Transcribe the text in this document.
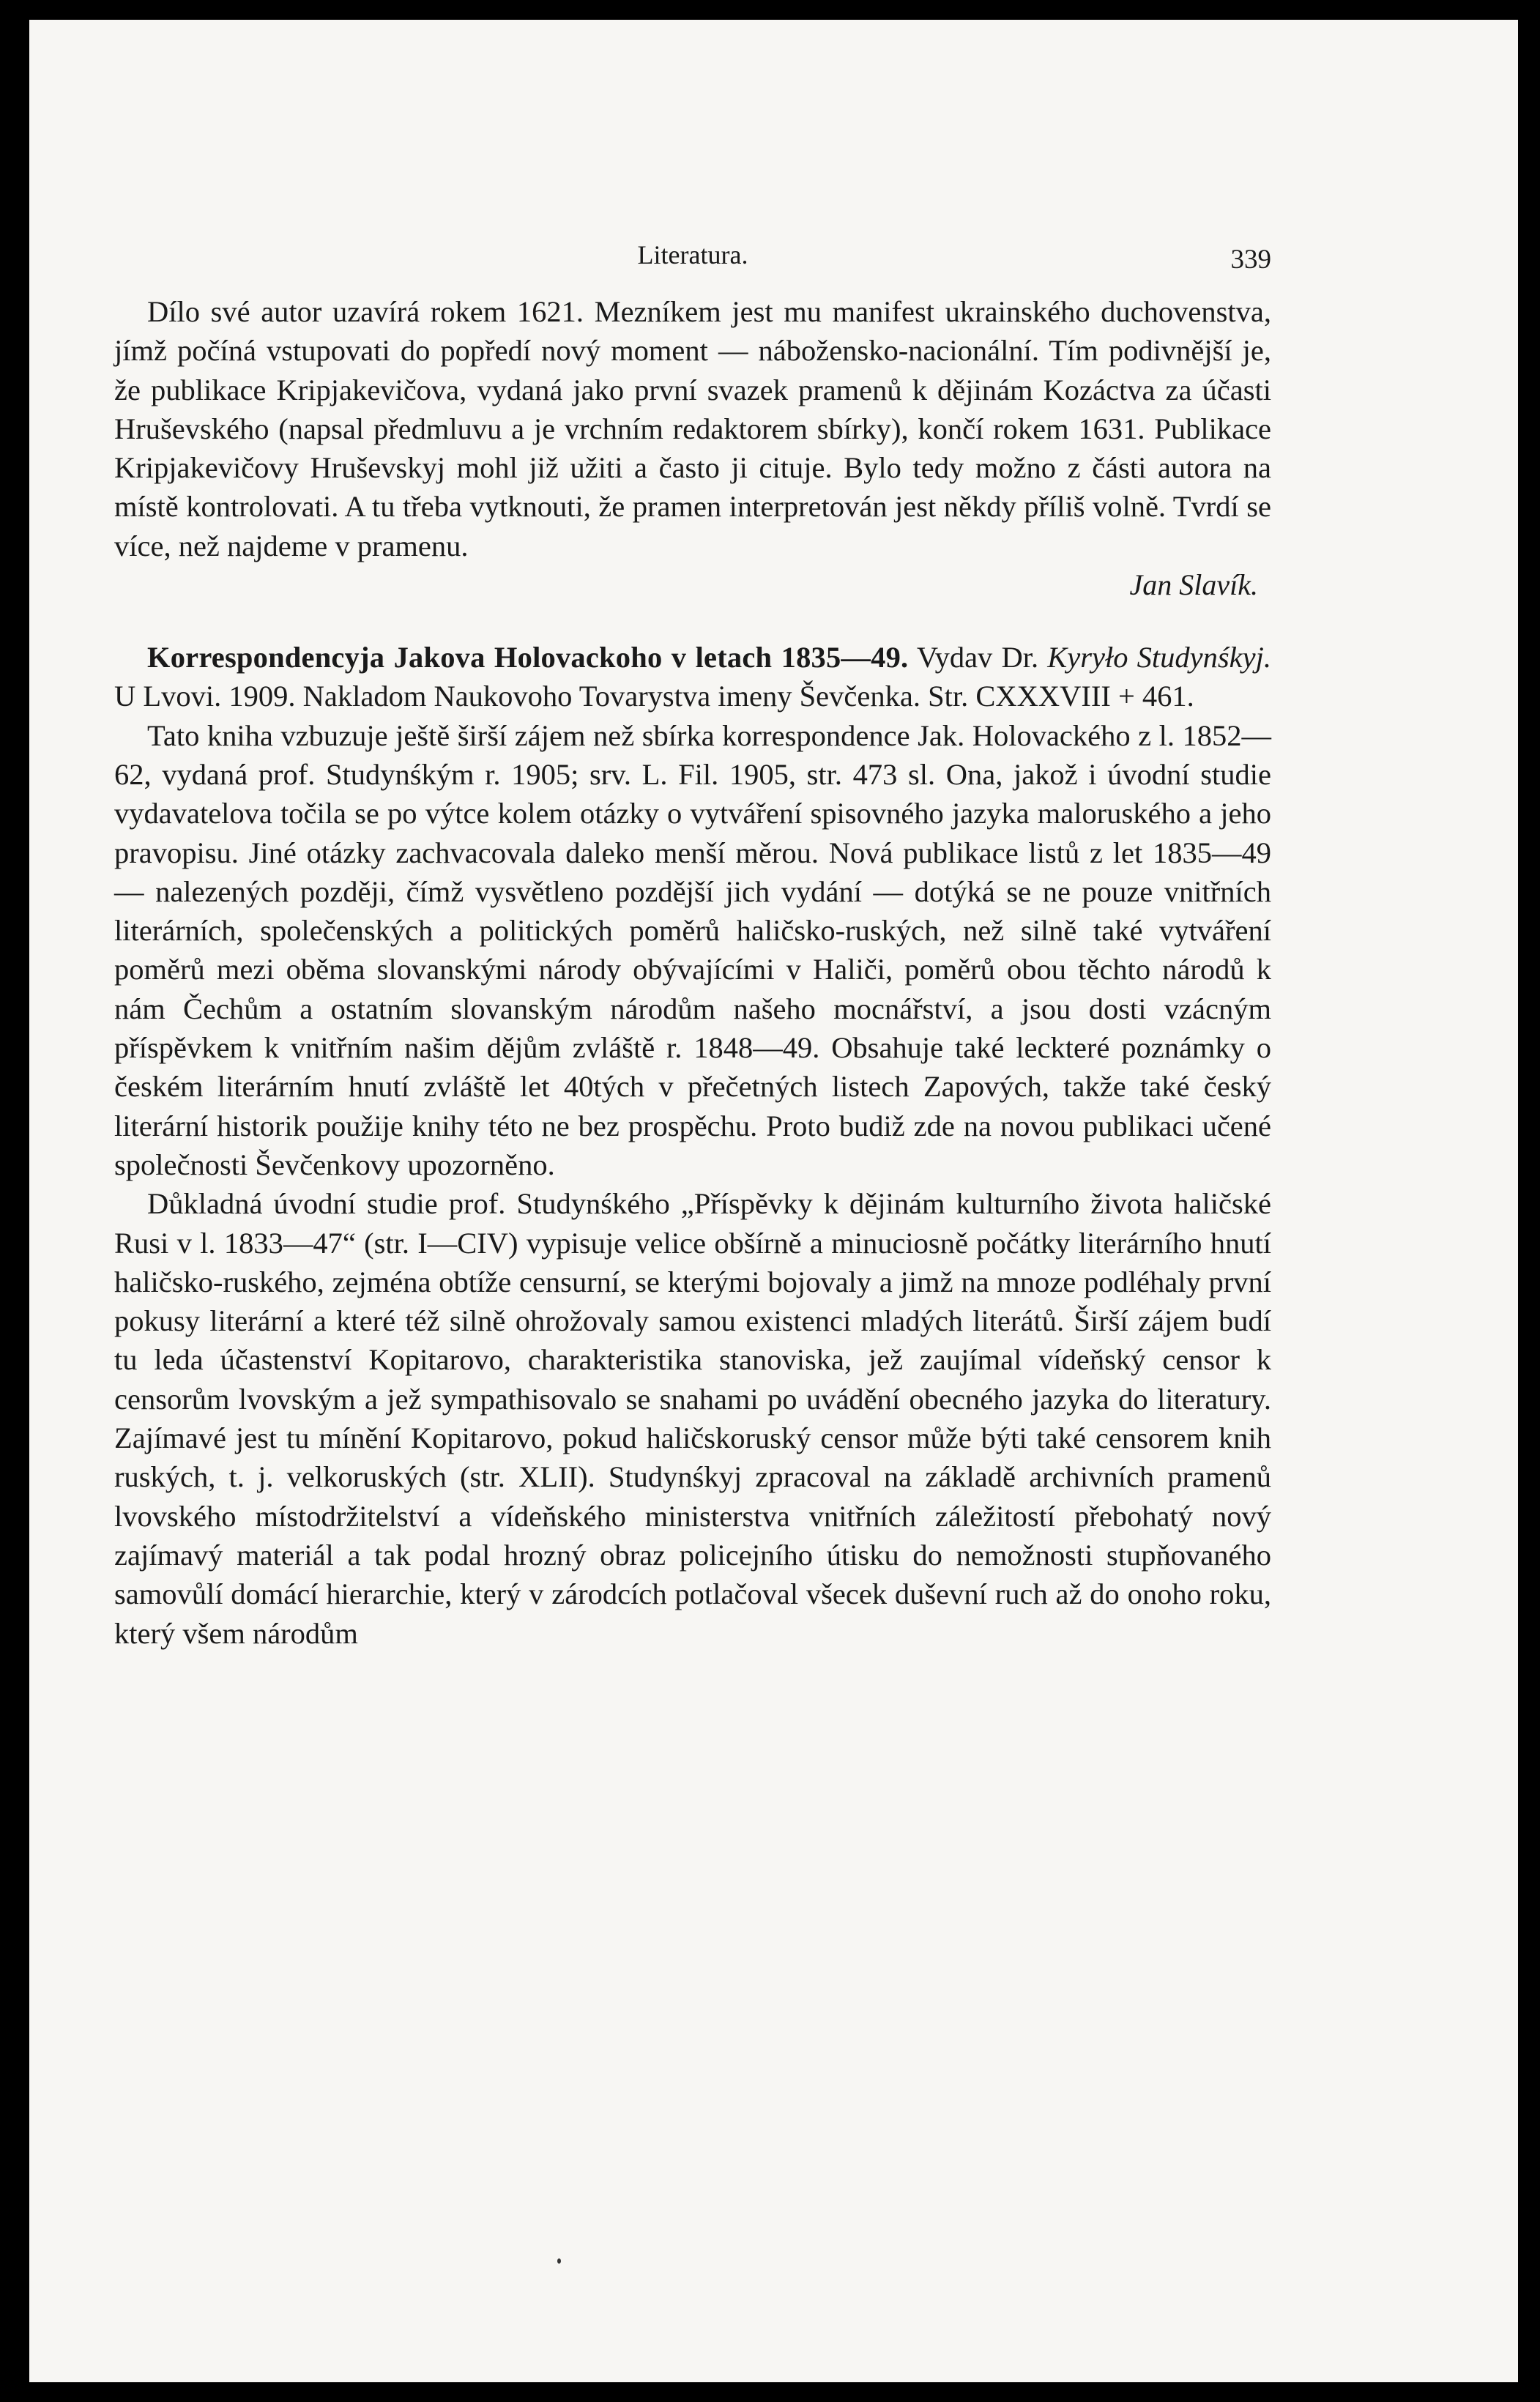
Literatura.	339

Dílo své autor uzavírá rokem 1621. Mezníkem jest mu manifest ukrainského duchovenstva, jímž počíná vstupovati do popředí nový moment — nábožensko-nacionální. Tím podivnější je, že publikace Kripjakevičova, vydaná jako první svazek pramenů k dějinám Kozáctva za účasti Hruševského (napsal předmluvu a je vrchním redaktorem sbírky), končí rokem 1631. Publikace Kripjakevičovy Hruševskyj mohl již užiti a často ji cituje. Bylo tedy možno z části autora na místě kontrolovati. A tu třeba vytknouti, že pramen interpretován jest někdy příliš volně. Tvrdí se více, než najdeme v pramenu.

Jan Slavík.

Korrespondencyja Jakova Holovackoho v letach 1835—49. Vydav Dr. Kyryło Studynśkyj. U Lvovi. 1909. Nakladom Naukovoho Tovarystva imeny Ševčenka. Str. CXXXVIII + 461.

Tato kniha vzbuzuje ještě širší zájem než sbírka korrespondence Jak. Holovackého z l. 1852—62, vydaná prof. Studynśkým r. 1905; srv. L. Fil. 1905, str. 473 sl. Ona, jakož i úvodní studie vydavatelova točila se po výtce kolem otázky o vytváření spisovného jazyka maloruského a jeho pravopisu. Jiné otázky zachvacovala daleko menší měrou. Nová publikace listů z let 1835—49 — nalezených později, čímž vysvětleno pozdější jich vydání — dotýká se ne pouze vnitřních literárních, společenských a politických poměrů haličsko-ruských, než silně také vytváření poměrů mezi oběma slovanskými národy obývajícími v Haliči, poměrů obou těchto národů k nám Čechům a ostatním slovanským národům našeho mocnářství, a jsou dosti vzácným příspěvkem k vnitřním našim dějům zvláště r. 1848—49. Obsahuje také leckteré poznámky o českém literárním hnutí zvláště let 40tých v přečetných listech Zapových, takže také český literární historik použije knihy této ne bez prospěchu. Proto budiž zde na novou publikaci učené společnosti Ševčenkovy upozorněno.

Důkladná úvodní studie prof. Studynśkého „Příspěvky k dějinám kulturního života haličské Rusi v l. 1833—47“ (str. I—CIV) vypisuje velice obšírně a minuciosně počátky literárního hnutí haličsko-ruského, zejména obtíže censurní, se kterými bojovaly a jimž na mnoze podléhaly první pokusy literární a které též silně ohrožovaly samou existenci mladých literátů. Širší zájem budí tu leda účastenství Kopitarovo, charakteristika stanoviska, jež zaujímal vídeňský censor k censorům lvovským a jež sympathisovalo se snahami po uvádění obecného jazyka do literatury. Zajímavé jest tu mínění Kopitarovo, pokud haličskoruský censor může býti také censorem knih ruských, t. j. velkoruských (str. XLII). Studynśkyj zpracoval na základě archivních pramenů lvovského místodržitelství a vídeňského ministerstva vnitřních záležitostí přebohatý nový zajímavý materiál a tak podal hrozný obraz policejního útisku do nemožnosti stupňovaného samovůlí domácí hierarchie, který v zárodcích potlačoval všecek duševní ruch až do onoho roku, který všem národům
